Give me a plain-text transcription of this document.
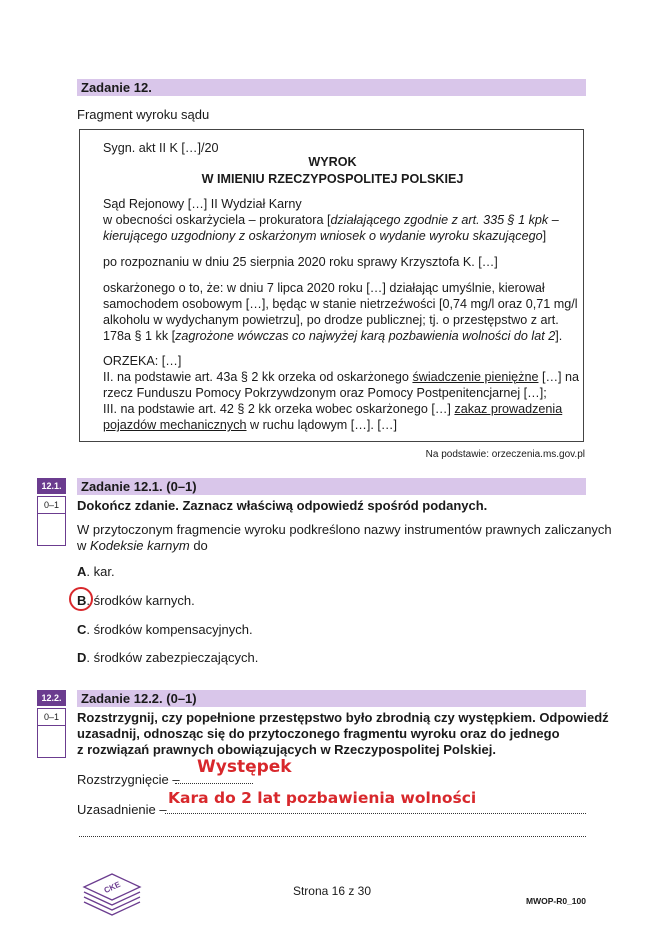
Zadanie 12.
Fragment wyroku sądu
Sygn. akt II K […]/20
WYROK
W IMIENIU RZECZYPOSPOLITEJ POLSKIEJ
Sąd Rejonowy […] II Wydział Karny
w obecności oskarżyciela – prokuratora [działającego zgodnie z art. 335 § 1 kpk –
kierującego uzgodniony z oskarżonym wniosek o wydanie wyroku skazującego]
po rozpoznaniu w dniu 25 sierpnia 2020 roku sprawy Krzysztofa K. […]
oskarżonego o to, że: w dniu 7 lipca 2020 roku […] działając umyślnie, kierował
samochodem osobowym […], będąc w stanie nietrzeźwości [0,74 mg/l oraz 0,71 mg/l
alkoholu w wydychanym powietrzu], po drodze publicznej; tj. o przestępstwo z art.
178a § 1 kk [zagrożone wówczas co najwyżej karą pozbawienia wolności do lat 2].
ORZEKA: […]
II. na podstawie art. 43a § 2 kk orzeka od oskarżonego świadczenie pieniężne […] na
rzecz Funduszu Pomocy Pokrzywdzonym oraz Pomocy Postpenitencjarnej […];
III. na podstawie art. 42 § 2 kk orzeka wobec oskarżonego […] zakaz prowadzenia
pojazdów mechanicznych w ruchu lądowym […]. […]
Na podstawie: orzeczenia.ms.gov.pl
12.1.
0–1
Zadanie 12.1. (0–1)
Dokończ zdanie. Zaznacz właściwą odpowiedź spośród podanych.
W przytoczonym fragmencie wyroku podkreślono nazwy instrumentów prawnych zaliczanych
w Kodeksie karnym do
A. kar.
B. środków karnych.
C. środków kompensacyjnych.
D. środków zabezpieczających.
12.2.
0–1
Zadanie 12.2. (0–1)
Rozstrzygnij, czy popełnione przestępstwo było zbrodnią czy występkiem. Odpowiedź
uzasadnij, odnosząc się do przytoczonego fragmentu wyroku oraz do jednego
z rozwiązań prawnych obowiązujących w Rzeczypospolitej Polskiej.
Rozstrzygnięcie –
Występek
Uzasadnienie –
Kara do 2 lat pozbawienia wolności
CKE	Strona 16 z 30
MWOP-R0_100
